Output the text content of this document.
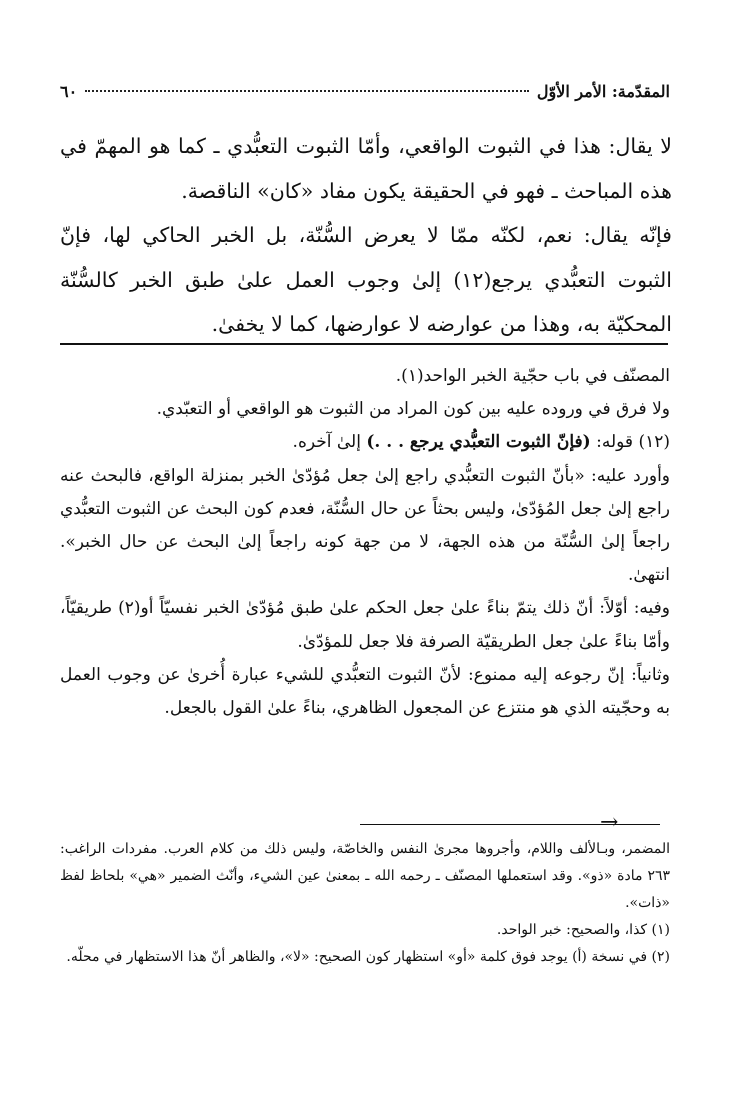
المقدّمة: الأمر الأوّل
٦٠

لا يقال: هذا في الثبوت الواقعي، وأمّا الثبوت التعبُّدي ـ كما هو المهمّ في هذه المباحث ـ فهو في الحقيقة يكون مفاد «كان» الناقصة.

فإنّه يقال: نعم، لكنّه ممّا لا يعرض السُّنّة، بل الخبر الحاكي لها، فإنّ الثبوت التعبُّدي يرجع(١٢) إلىٰ وجوب العمل علىٰ طبق الخبر كالسُّنّة المحكيّة به، وهذا من عوارضه لا عوارضها، كما لا يخفىٰ.

المصنّف في باب حجّية الخبر الواحد(١).

ولا فرق في وروده عليه بين كون المراد من الثبوت هو الواقعي أو التعبّدي.

(١٢) قوله: (فإنّ الثبوت التعبُّدي يرجع . . .) إلىٰ آخره.

وأورد عليه: «بأنّ الثبوت التعبُّدي راجع إلىٰ جعل مُؤدّىٰ الخبر بمنزلة الواقع، فالبحث عنه راجع إلىٰ جعل المُؤدّىٰ، وليس بحثاً عن حال السُّنّة، فعدم كون البحث عن الثبوت التعبُّدي راجعاً إلىٰ السُّنّة من هذه الجهة، لا من جهة كونه راجعاً إلىٰ البحث عن حال الخبر». انتهىٰ.

وفيه: أوّلاً: أنّ ذلك يتمّ بناءً علىٰ جعل الحكم علىٰ طبق مُؤدّىٰ الخبر نفسيّاً أو(٢) طريقيّاً، وأمّا بناءً علىٰ جعل الطريقيّة الصرفة فلا جعل للمؤدّىٰ.

وثانياً: إنّ رجوعه إليه ممنوع: لأنّ الثبوت التعبُّدي للشيء عبارة أُخرىٰ عن وجوب العمل به وحجّيته الذي هو منتزع عن المجعول الظاهري، بناءً علىٰ القول بالجعل.

→

المضمر، وبـالألف واللام، وأجروها مجرىٰ النفس والخاصّة، وليس ذلك من كلام العرب. مفردات الراغب: ٢٦٣ مادة «ذو». وقد استعملها المصنّف ـ رحمه الله ـ بمعنىٰ عين الشيء، وأنّث الضمير «هي» بلحاظ لفظ «ذات».

(١) كذا، والصحيح: خبر الواحد.

(٢) في نسخة (أ) يوجد فوق كلمة «أو» استظهار كون الصحيح: «لا»، والظاهر أنّ هذا الاستظهار في محلّه.
